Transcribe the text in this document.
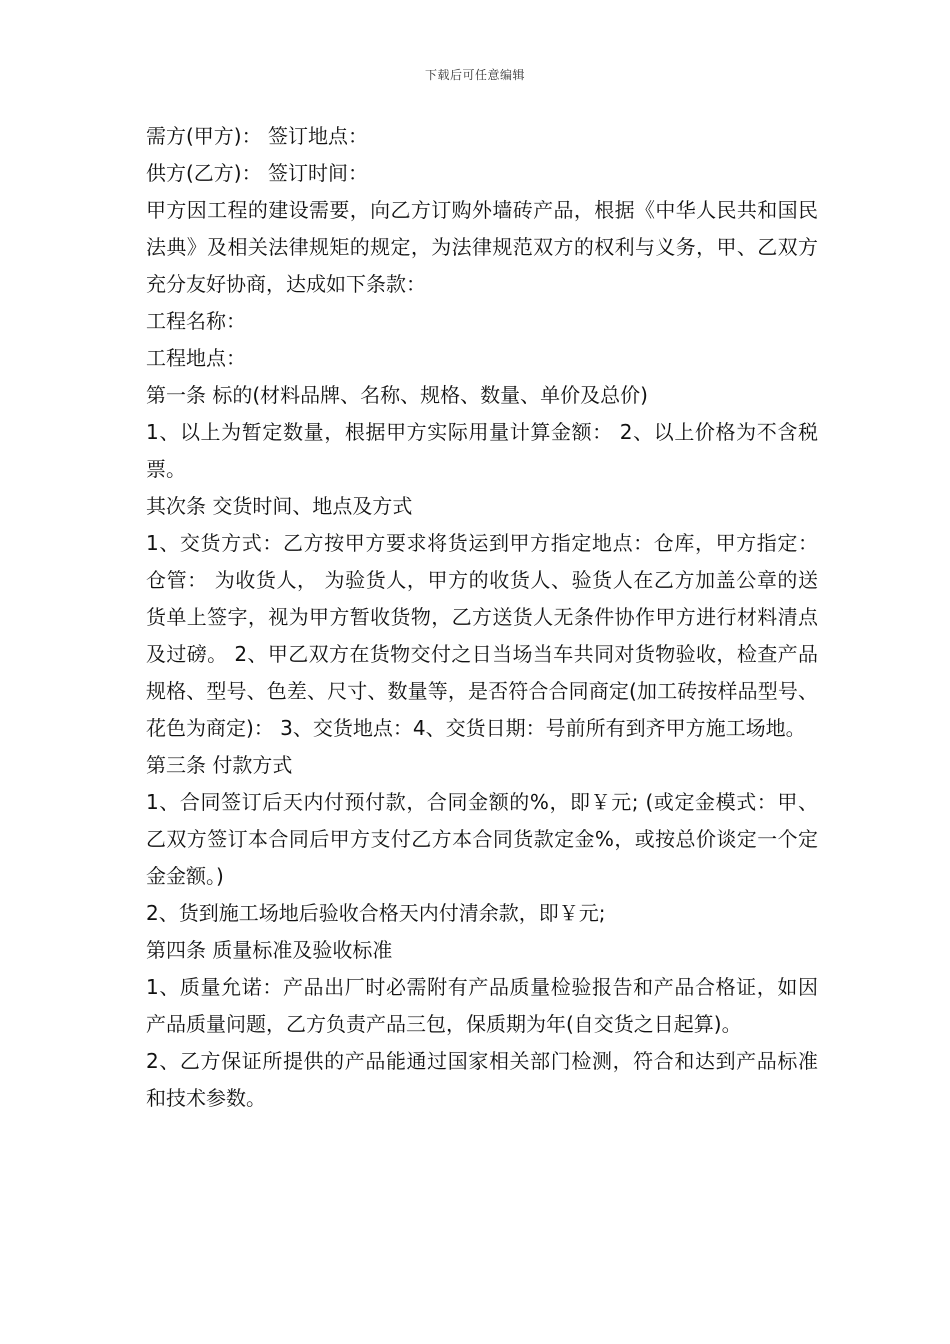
下载后可任意编辑

需方(甲方)： 签订地点：

供方(乙方)： 签订时间：

甲方因工程的建设需要，向乙方订购外墙砖产品，根据《中华人民共和国民法典》及相关法律规矩的规定，为法律规范双方的权利与义务，甲、乙双方充分友好协商，达成如下条款：

工程名称：

工程地点：

第一条 标的(材料品牌、名称、规格、数量、单价及总价)

1、以上为暂定数量，根据甲方实际用量计算金额： 2、以上价格为不含税票。

其次条 交货时间、地点及方式

1、交货方式：乙方按甲方要求将货运到甲方指定地点：仓库，甲方指定：仓管： 为收货人， 为验货人，甲方的收货人、验货人在乙方加盖公章的送货单上签字，视为甲方暂收货物，乙方送货人无条件协作甲方进行材料清点及过磅。 2、甲乙双方在货物交付之日当场当车共同对货物验收，检查产品规格、型号、色差、尺寸、数量等，是否符合合同商定(加工砖按样品型号、花色为商定)： 3、交货地点：4、交货日期：号前所有到齐甲方施工场地。

第三条 付款方式

1、合同签订后天内付预付款，合同金额的%，即￥元; (或定金模式：甲、乙双方签订本合同后甲方支付乙方本合同货款定金%，或按总价谈定一个定金金额。)

2、货到施工场地后验收合格天内付清余款，即￥元;

第四条 质量标准及验收标准

1、质量允诺：产品出厂时必需附有产品质量检验报告和产品合格证，如因产品质量问题，乙方负责产品三包，保质期为年(自交货之日起算)。

2、乙方保证所提供的产品能通过国家相关部门检测，符合和达到产品标准和技术参数。
